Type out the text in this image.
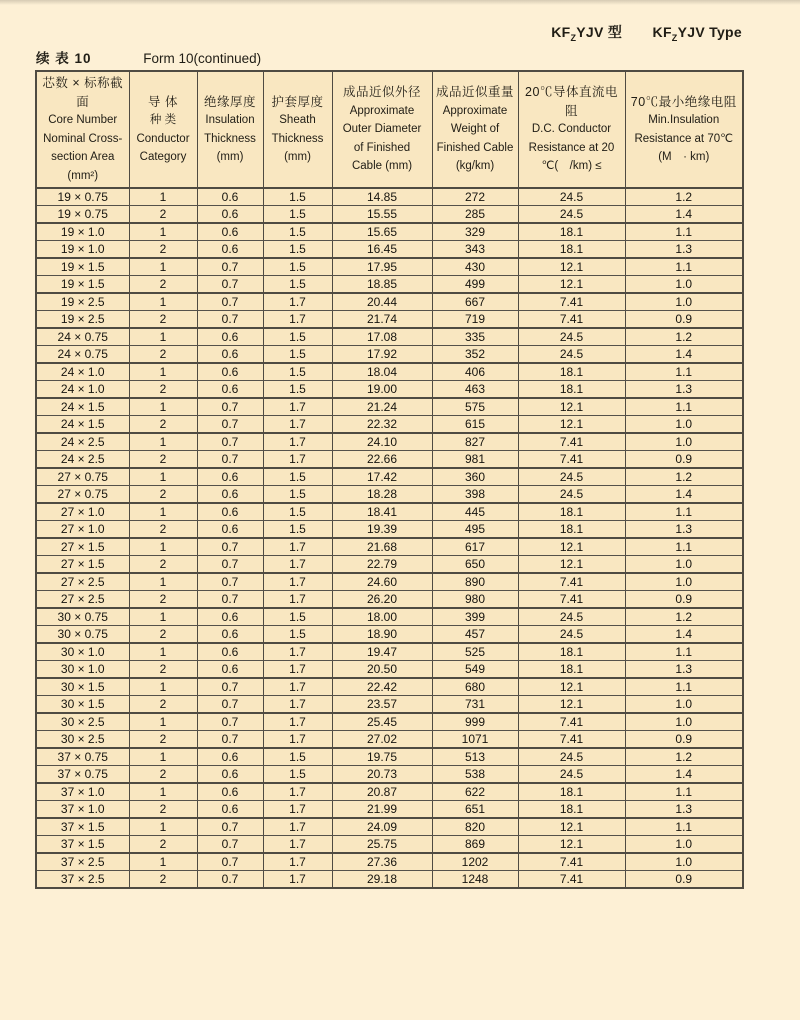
$KF_ZYJV$ 型 $KF_ZYJV$ Type
续 表 10	Form 10(continued)
芯数 × 标称截面
Core Number
Nominal Cross-
section Area
(mm²)

导 体
种 类
Conductor
Category

绝缘厚度
Insulation
Thickness
(mm)

护套厚度
Sheath
Thickness
(mm)

成品近似外径
Approximate
Outer Diameter
of Finished
Cable (mm)

成品近似重量
Approximate
Weight of
Finished Cable
(kg/km)

20℃导体直流电阻
D.C. Conductor
Resistance at 20
℃(　/km) ≤

70℃最小绝缘电阻
Min.Insulation
Resistance at 70℃
(M　· km)

19 × 0.75	1	0.6	1.5	14.85	272	24.5	1.2
19 × 0.75	2	0.6	1.5	15.55	285	24.5	1.4
19 × 1.0	1	0.6	1.5	15.65	329	18.1	1.1
19 × 1.0	2	0.6	1.5	16.45	343	18.1	1.3
19 × 1.5	1	0.7	1.5	17.95	430	12.1	1.1
19 × 1.5	2	0.7	1.5	18.85	499	12.1	1.0
19 × 2.5	1	0.7	1.7	20.44	667	7.41	1.0
19 × 2.5	2	0.7	1.7	21.74	719	7.41	0.9
24 × 0.75	1	0.6	1.5	17.08	335	24.5	1.2
24 × 0.75	2	0.6	1.5	17.92	352	24.5	1.4
24 × 1.0	1	0.6	1.5	18.04	406	18.1	1.1
24 × 1.0	2	0.6	1.5	19.00	463	18.1	1.3
24 × 1.5	1	0.7	1.7	21.24	575	12.1	1.1
24 × 1.5	2	0.7	1.7	22.32	615	12.1	1.0
24 × 2.5	1	0.7	1.7	24.10	827	7.41	1.0
24 × 2.5	2	0.7	1.7	22.66	981	7.41	0.9
27 × 0.75	1	0.6	1.5	17.42	360	24.5	1.2
27 × 0.75	2	0.6	1.5	18.28	398	24.5	1.4
27 × 1.0	1	0.6	1.5	18.41	445	18.1	1.1
27 × 1.0	2	0.6	1.5	19.39	495	18.1	1.3
27 × 1.5	1	0.7	1.7	21.68	617	12.1	1.1
27 × 1.5	2	0.7	1.7	22.79	650	12.1	1.0
27 × 2.5	1	0.7	1.7	24.60	890	7.41	1.0
27 × 2.5	2	0.7	1.7	26.20	980	7.41	0.9
30 × 0.75	1	0.6	1.5	18.00	399	24.5	1.2
30 × 0.75	2	0.6	1.5	18.90	457	24.5	1.4
30 × 1.0	1	0.6	1.7	19.47	525	18.1	1.1
30 × 1.0	2	0.6	1.7	20.50	549	18.1	1.3
30 × 1.5	1	0.7	1.7	22.42	680	12.1	1.1
30 × 1.5	2	0.7	1.7	23.57	731	12.1	1.0
30 × 2.5	1	0.7	1.7	25.45	999	7.41	1.0
30 × 2.5	2	0.7	1.7	27.02	1071	7.41	0.9
37 × 0.75	1	0.6	1.5	19.75	513	24.5	1.2
37 × 0.75	2	0.6	1.5	20.73	538	24.5	1.4
37 × 1.0	1	0.6	1.7	20.87	622	18.1	1.1
37 × 1.0	2	0.6	1.7	21.99	651	18.1	1.3
37 × 1.5	1	0.7	1.7	24.09	820	12.1	1.1
37 × 1.5	2	0.7	1.7	25.75	869	12.1	1.0
37 × 2.5	1	0.7	1.7	27.36	1202	7.41	1.0
37 × 2.5	2	0.7	1.7	29.18	1248	7.41	0.9
